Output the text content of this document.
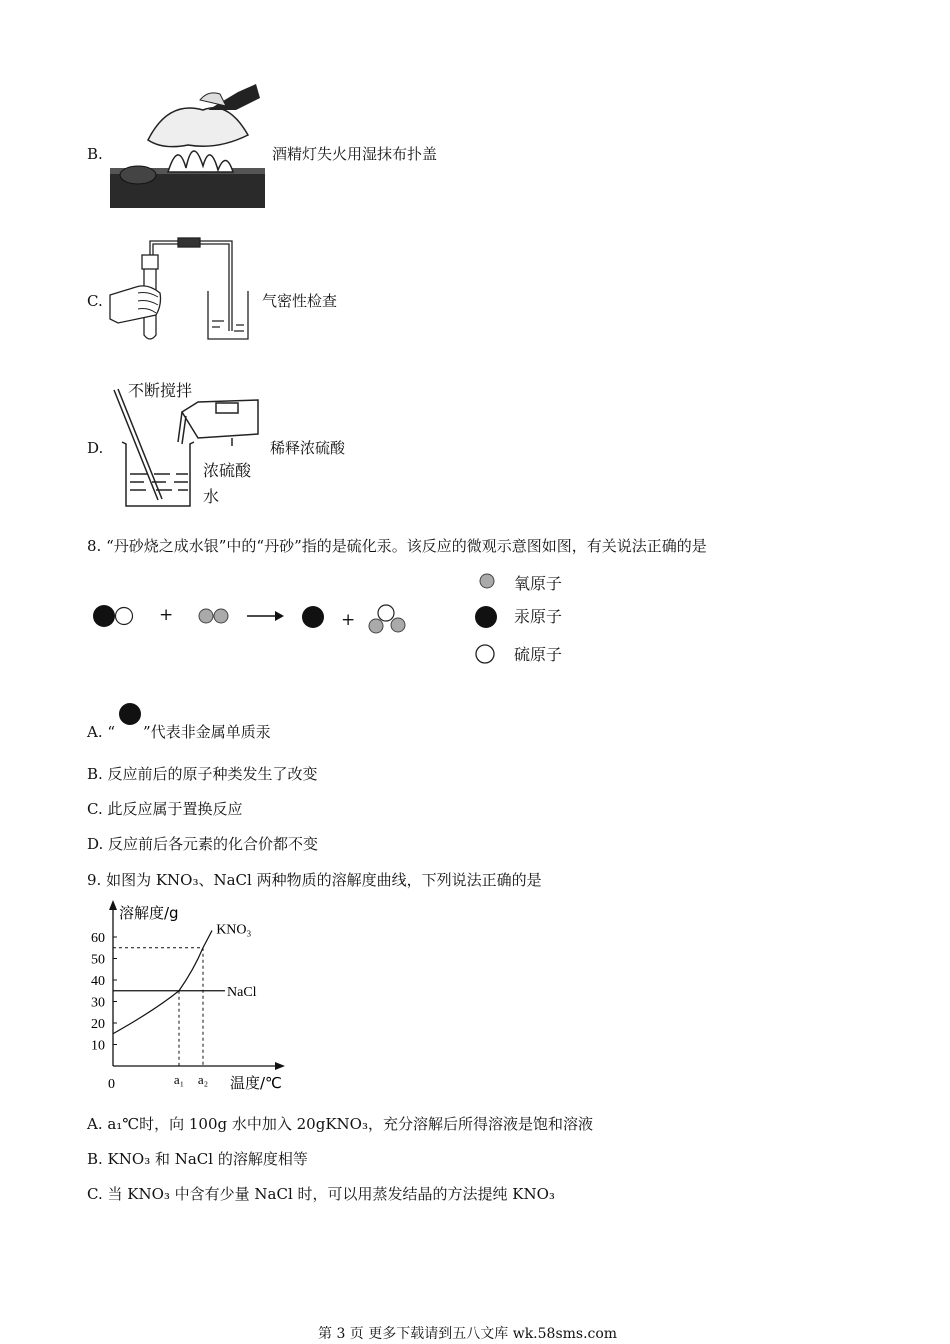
B.	酒精灯失火用湿抹布扑盖
C.	气密性检查
D.
不断搅拌
浓硫酸
水
稀释浓硫酸
8. “丹砂烧之成水银”中的“丹砂”指的是硫化汞。该反应的微观示意图如图，有关说法正确的是
+	+
氧原子
汞原子
硫原子
A. “ ”代表非金属单质汞
B. 反应前后的原子种类发生了改变
C. 此反应属于置换反应
D. 反应前后各元素的化合价都不变
9. 如图为 KNO₃、NaCl 两种物质的溶解度曲线，下列说法正确的是
60
50
40
30
20
10
0
溶解度/g
温度/℃
a₁ a₂
NaCl
KNO₃
A. a₁℃时，向 100g 水中加入 20gKNO₃，充分溶解后所得溶液是饱和溶液
B. KNO₃ 和 NaCl 的溶解度相等
C. 当 KNO₃ 中含有少量 NaCl 时，可以用蒸发结晶的方法提纯 KNO₃
第 3 页 更多下载请到五八文库 wk.58sms.com
